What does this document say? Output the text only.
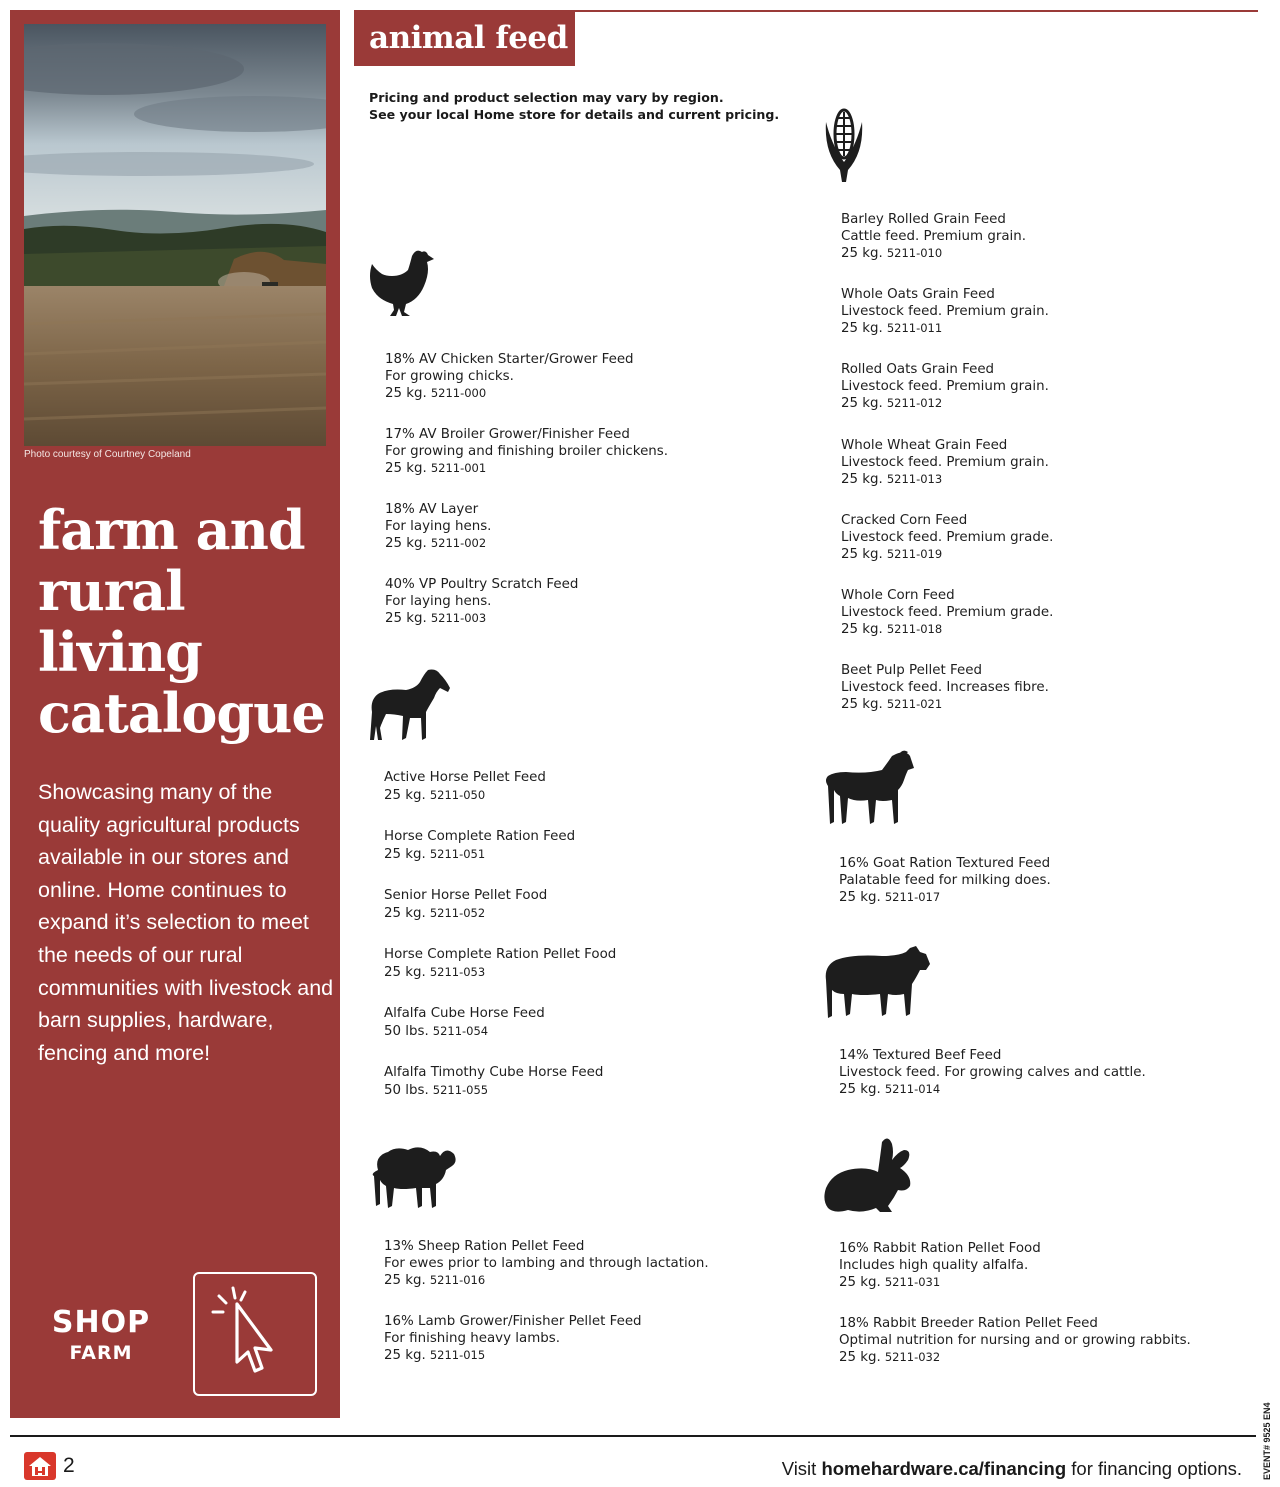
Photo courtesy of Courtney Copeland
farm and
rural
living
catalogue

Showcasing many of the quality agricultural products available in our stores and online. Home continues to expand it’s selection to meet the needs of our rural communities with livestock and barn supplies, hardware, fencing and more!

SHOP
FARM
animal feed
Pricing and product selection may vary by region.
See your local Home store for details and current pricing.
18% AV Chicken Starter/Grower Feed
For growing chicks.
25 kg. 5211-000
17% AV Broiler Grower/Finisher Feed
For growing and finishing broiler chickens.
25 kg. 5211-001
18% AV Layer
For laying hens.
25 kg. 5211-002
40% VP Poultry Scratch Feed
For laying hens.
25 kg. 5211-003
Active Horse Pellet Feed
25 kg. 5211-050
Horse Complete Ration Feed
25 kg. 5211-051
Senior Horse Pellet Food
25 kg. 5211-052
Horse Complete Ration Pellet Food
25 kg. 5211-053
Alfalfa Cube Horse Feed
50 lbs. 5211-054
Alfalfa Timothy Cube Horse Feed
50 lbs. 5211-055
13% Sheep Ration Pellet Feed
For ewes prior to lambing and through lactation.
25 kg. 5211-016
16% Lamb Grower/Finisher Pellet Feed
For finishing heavy lambs.
25 kg. 5211-015
Barley Rolled Grain Feed
Cattle feed. Premium grain.
25 kg. 5211-010
Whole Oats Grain Feed
Livestock feed. Premium grain.
25 kg. 5211-011
Rolled Oats Grain Feed
Livestock feed. Premium grain.
25 kg. 5211-012
Whole Wheat Grain Feed
Livestock feed. Premium grain.
25 kg. 5211-013
Cracked Corn Feed
Livestock feed. Premium grade.
25 kg. 5211-019
Whole Corn Feed
Livestock feed. Premium grade.
25 kg. 5211-018
Beet Pulp Pellet Feed
Livestock feed. Increases fibre.
25 kg. 5211-021
16% Goat Ration Textured Feed
Palatable feed for milking does.
25 kg. 5211-017
14% Textured Beef Feed
Livestock feed. For growing calves and cattle.
25 kg. 5211-014
16% Rabbit Ration Pellet Food
Includes high quality alfalfa.
25 kg. 5211-031
18% Rabbit Breeder Ration Pellet Feed
Optimal nutrition for nursing and or growing rabbits.
25 kg. 5211-032
2	Visit homehardware.ca/financing for financing options. EVENT# 9525 EN4
